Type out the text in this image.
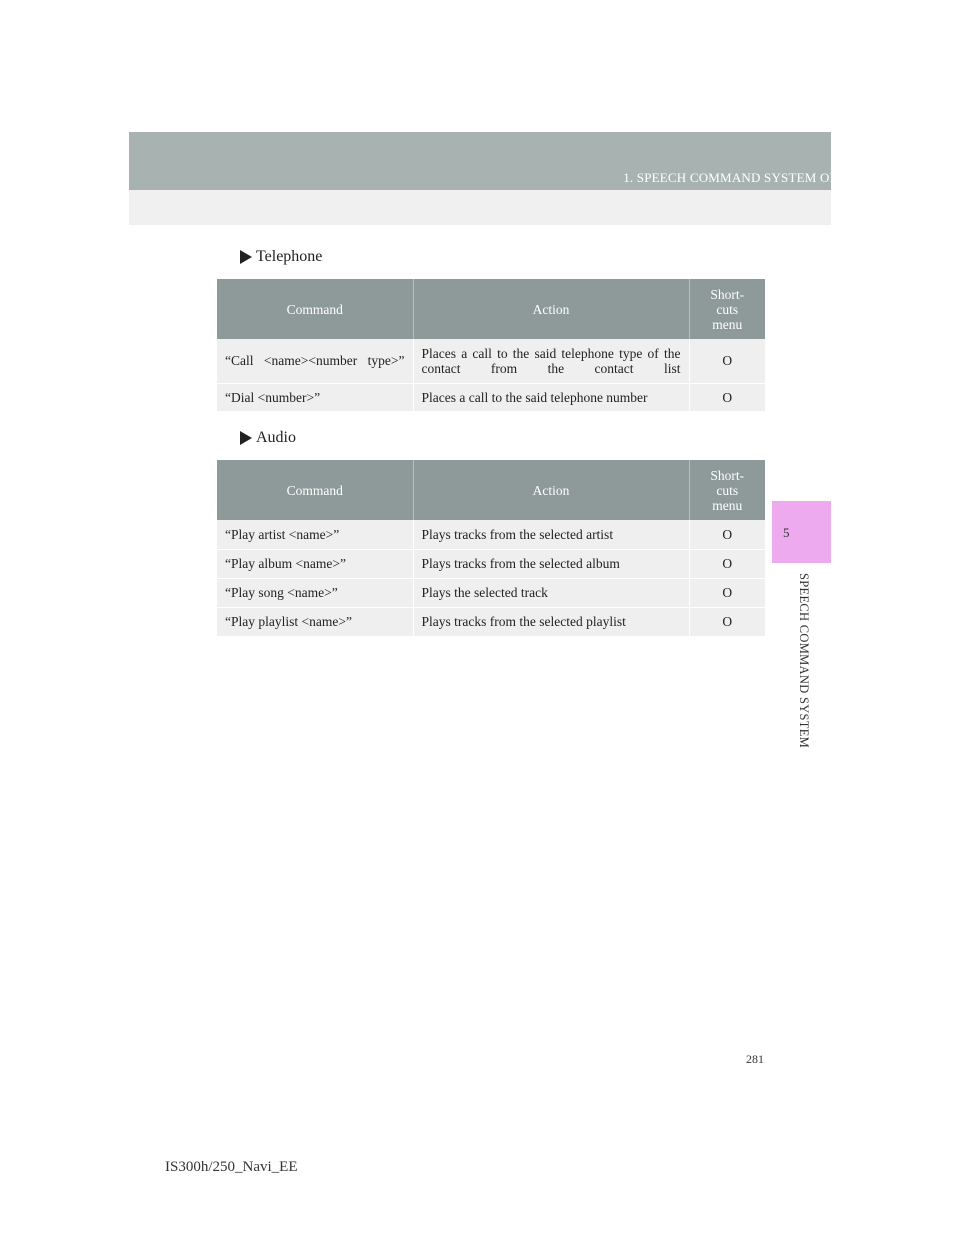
1. SPEECH COMMAND SYSTEM OPERATION
5
SPEECH COMMAND SYSTEM
Telephone
Command	Action	Short-
cuts
menu

“Call <name><number type>”	Places a call to the said telephone type of the contact from the contact list	O
“Dial <number>”	Places a call to the said telephone number	O
Audio
Command	Action	Short-
cuts
menu

“Play artist <name>”	Plays tracks from the selected artist	O
“Play album <name>”	Plays tracks from the selected album	O
“Play song <name>”	Plays the selected track	O
“Play playlist <name>”	Plays tracks from the selected playlist	O
281
IS300h/250_Navi_EE
